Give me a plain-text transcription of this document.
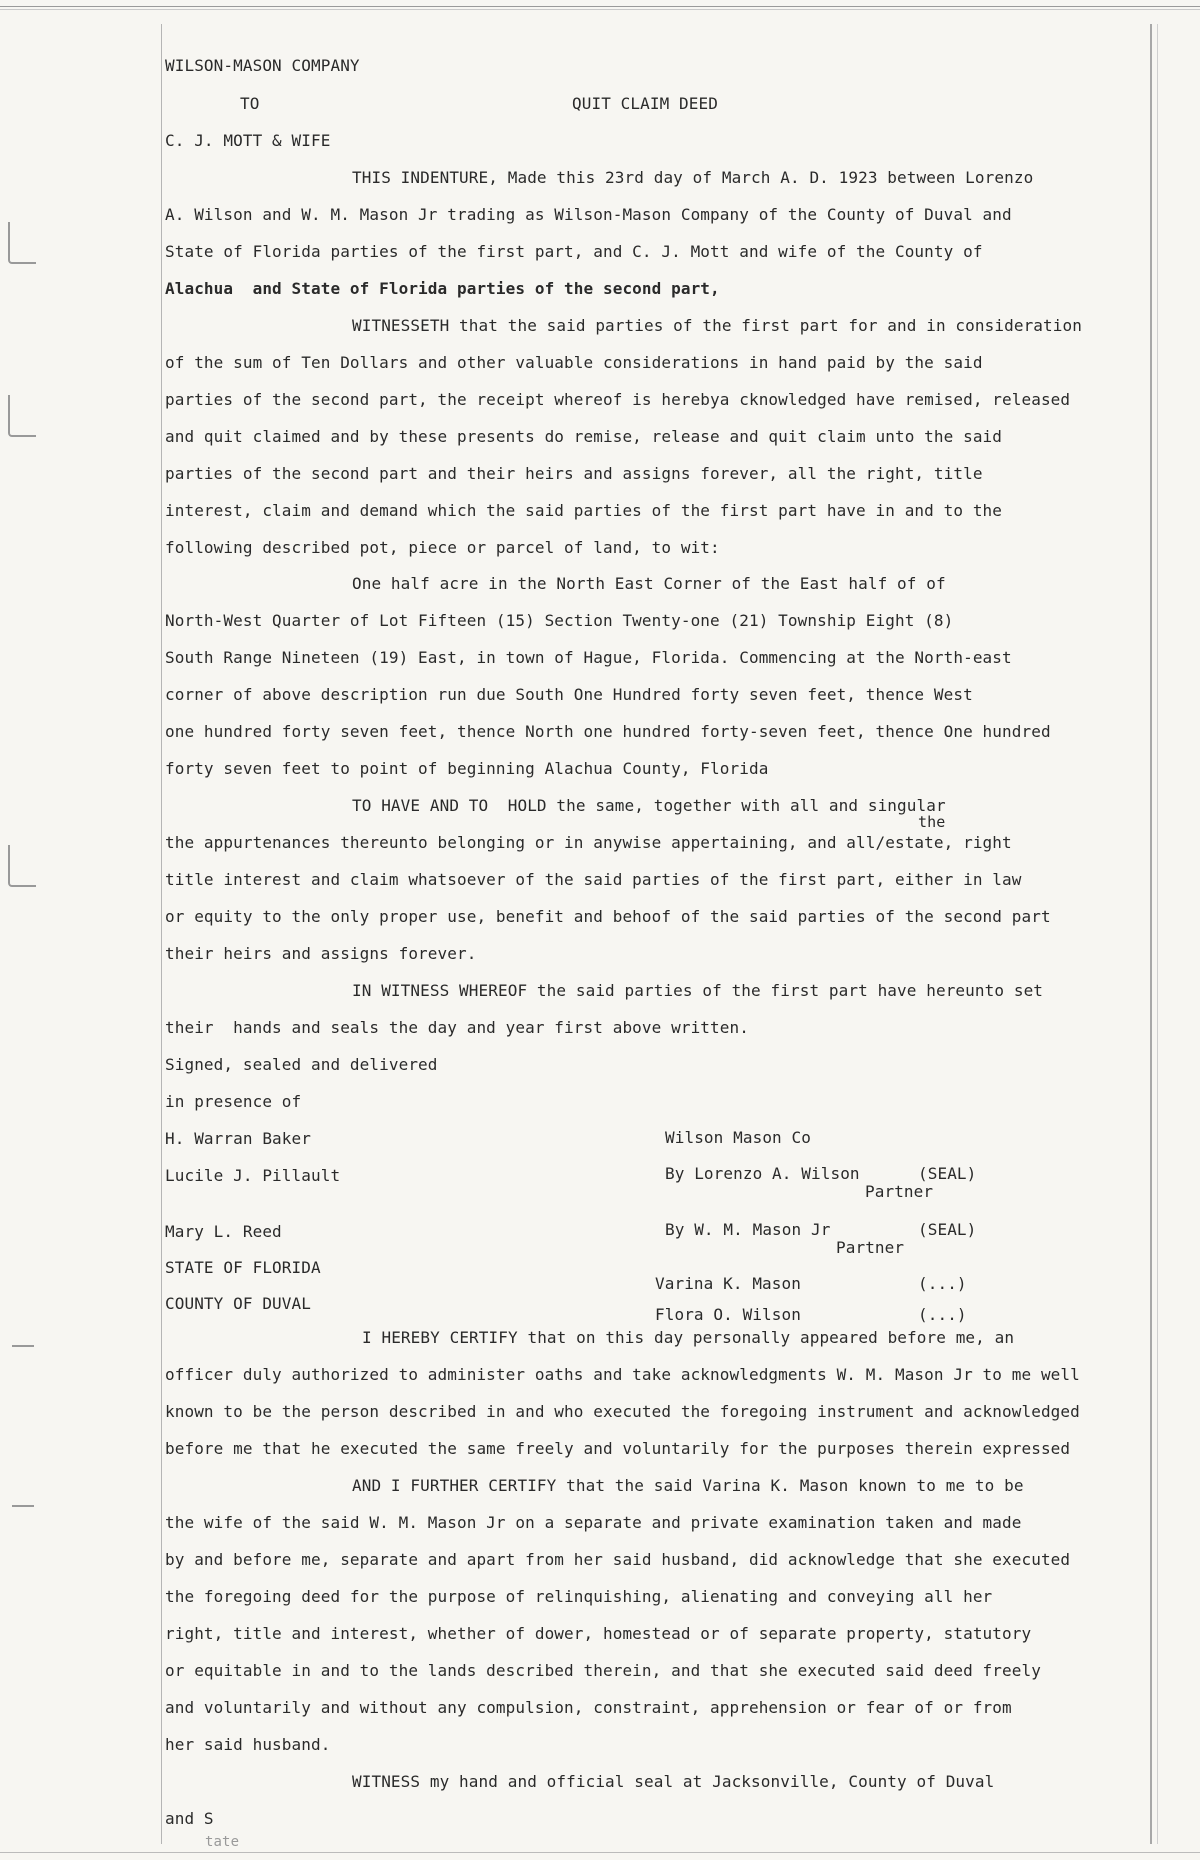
WILSON-MASON COMPANY

TO	QUIT CLAIM DEED

C. J. MOTT & WIFE

THIS INDENTURE, Made this 23rd day of March A. D. 1923 between Lorenzo

A. Wilson and W. M. Mason Jr trading as Wilson-Mason Company of the County of Duval and

State of Florida parties of the first part, and C. J. Mott and wife of the County of

Alachua  and State of Florida parties of the second part,

WITNESSETH that the said parties of the first part for and in consideration

of the sum of Ten Dollars and other valuable considerations in hand paid by the said

parties of the second part, the receipt whereof is herebya cknowledged have remised, released

and quit claimed and by these presents do remise, release and quit claim unto the said

parties of the second part and their heirs and assigns forever, all the right, title

interest, claim and demand which the said parties of the first part have in and to the

following described pot, piece or parcel of land, to wit:

One half acre in the North East Corner of the East half of of

North-West Quarter of Lot Fifteen (15) Section Twenty-one (21) Township Eight (8)

South Range Nineteen (19) East, in town of Hague, Florida. Commencing at the North-east

corner of above description run due South One Hundred forty seven feet, thence West

one hundred forty seven feet, thence North one hundred forty-seven feet, thence One hundred

forty seven feet to point of beginning Alachua County, Florida

TO HAVE AND TO  HOLD the same, together with all and singular

the

the appurtenances thereunto belonging or in anywise appertaining, and all/estate, right

title interest and claim whatsoever of the said parties of the first part, either in law

or equity to the only proper use, benefit and behoof of the said parties of the second part

their heirs and assigns forever.

IN WITNESS WHEREOF the said parties of the first part have hereunto set

their  hands and seals the day and year first above written.

Signed, sealed and delivered

in presence of

H. Warran Baker

Lucile J. Pillault

Mary L. Reed

Wilson Mason Co

By Lorenzo A. Wilson	(SEAL)

Partner

By W. M. Mason Jr	(SEAL)

Partner

Varina K. Mason	(...)

Flora O. Wilson	(...)

STATE OF FLORIDA

COUNTY OF DUVAL

I HEREBY CERTIFY that on this day personally appeared before me, an

officer duly authorized to administer oaths and take acknowledgments W. M. Mason Jr to me well

known to be the person described in and who executed the foregoing instrument and acknowledged

before me that he executed the same freely and voluntarily for the purposes therein expressed

AND I FURTHER CERTIFY that the said Varina K. Mason known to me to be

the wife of the said W. M. Mason Jr on a separate and private examination taken and made

by and before me, separate and apart from her said husband, did acknowledge that she executed

the foregoing deed for the purpose of relinquishing, alienating and conveying all her

right, title and interest, whether of dower, homestead or of separate property, statutory

or equitable in and to the lands described therein, and that she executed said deed freely

and voluntarily and without any compulsion, constraint, apprehension or fear of or from

her said husband.

WITNESS my hand and official seal at Jacksonville, County of Duval

and S

tate
